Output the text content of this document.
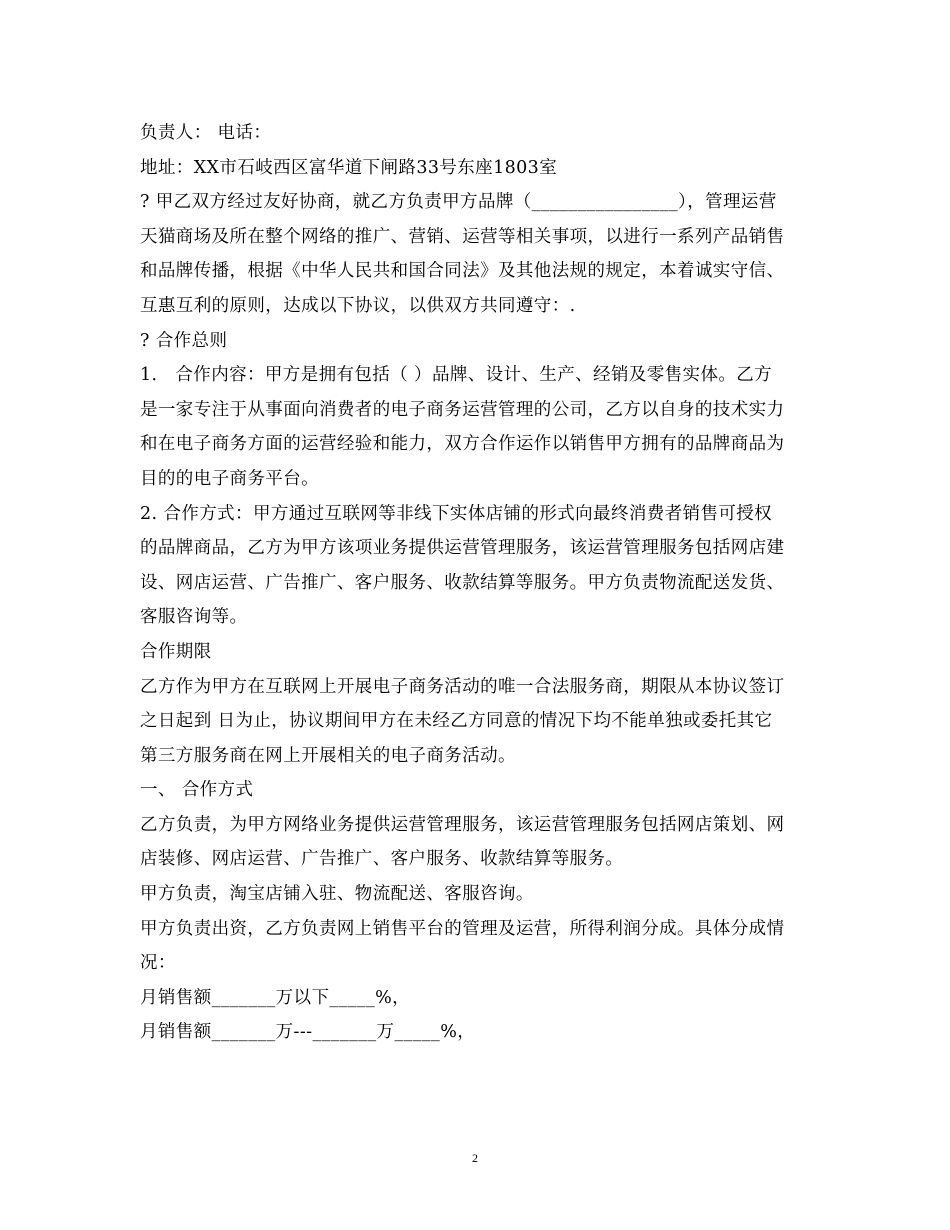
负责人： 电话：
地址：XX市石岐西区富华道下闸路33号东座1803室
? 甲乙双方经过友好协商，就乙方负责甲方品牌（________________），管理运营
天猫商场及所在整个网络的推广、营销、运营等相关事项，以进行一系列产品销售
和品牌传播，根据《中华人民共和国合同法》及其他法规的规定，本着诚实守信、
互惠互利的原则，达成以下协议，以供双方共同遵守：.
? 合作总则
1． 合作内容：甲方是拥有包括（ ）品牌、设计、生产、经销及零售实体。乙方
是一家专注于从事面向消费者的电子商务运营管理的公司，乙方以自身的技术实力
和在电子商务方面的运营经验和能力，双方合作运作以销售甲方拥有的品牌商品为
目的的电子商务平台。
2. 合作方式：甲方通过互联网等非线下实体店铺的形式向最终消费者销售可授权
的品牌商品，乙方为甲方该项业务提供运营管理服务，该运营管理服务包括网店建
设、网店运营、广告推广、客户服务、收款结算等服务。甲方负责物流配送发货、
客服咨询等。
合作期限
乙方作为甲方在互联网上开展电子商务活动的唯一合法服务商，期限从本协议签订
之日起到 日为止，协议期间甲方在未经乙方同意的情况下均不能单独或委托其它
第三方服务商在网上开展相关的电子商务活动。
一、 合作方式
乙方负责，为甲方网络业务提供运营管理服务，该运营管理服务包括网店策划、网
店装修、网店运营、广告推广、客户服务、收款结算等服务。
甲方负责，淘宝店铺入驻、物流配送、客服咨询。
甲方负责出资，乙方负责网上销售平台的管理及运营，所得利润分成。具体分成情
况：
月销售额_______万以下_____%，
月销售额_______万---_______万_____%，
2
